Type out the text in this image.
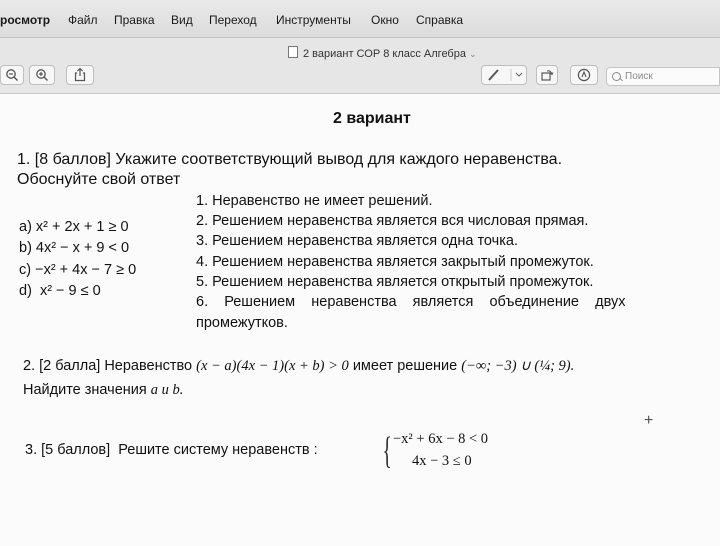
росмотр Файл Правка Вид Переход Инструменты Окно Справка
2 вариант СОР 8 класс Алгебра ⌄
Поиск
2 вариант
1. [8 баллов] Укажите соответствующий вывод для каждого неравенства.
Обоснуйте свой ответ
1. Неравенство не имеет решений.
2. Решением неравенства является вся числовая прямая.
3. Решением неравенства является одна точка.
4. Решением неравенства является закрытый промежуток.
5. Решением неравенства является открытый промежуток.
6.    Решением    неравенства    является    объединение    двух
промежутков.
a) x² + 2x + 1 ≥ 0
b) 4x² − x + 9 < 0
c) −x² + 4x − 7 ≥ 0
d)  x² − 9 ≤ 0
2. [2 балла] Неравенство (x − a)(4x − 1)(x + b) > 0 имеет решение (−∞; −3) ∪ (¼; 9).
Найдите значения a и b.
+
3. [5 баллов]  Решите систему неравенств : { −x² + 6x − 8 < 0
4x − 3 ≤ 0
